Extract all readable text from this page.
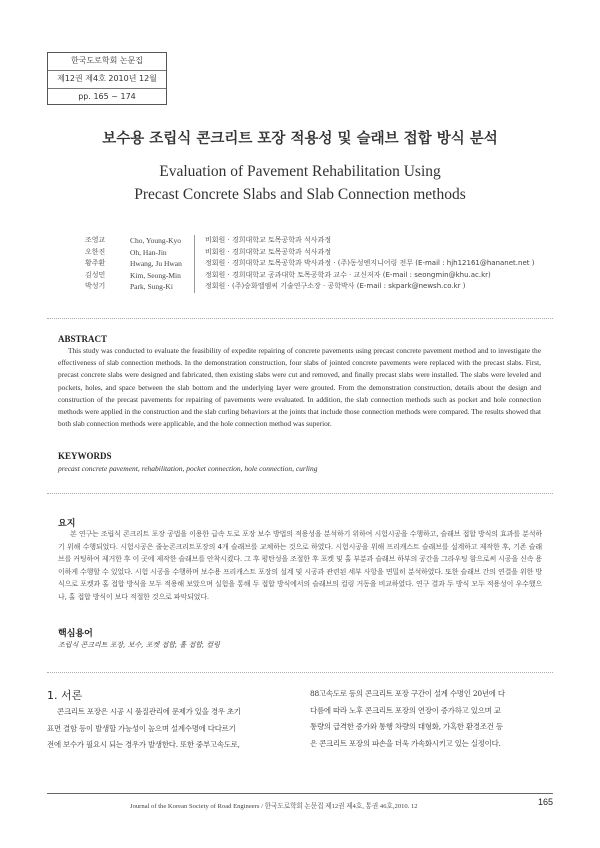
한국도로학회 논문집
제12권 제4호 2010년 12월
pp. 165 ~ 174
보수용 조립식 콘크리트 포장 적용성 및 슬래브 접합 방식 분석
Evaluation of Pavement Rehabilitation Using
Precast Concrete Slabs and Slab Connection methods
조영교	Cho, Young-Kyo	비회원 · 경희대학교 토목공학과 석사과정
오한진	Oh, Han-Jin	비회원 · 경희대학교 토목공학과 석사과정
황주환	Hwang, Ju Hwan	정회원 · 경희대학교 토목공학과 박사과정 · (주)동성엔지니어링 전무 (E-mail : hjh12161@hananet.net )
김성민	Kim, Seong-Min	정회원 · 경희대학교 공과대학 토목공학과 교수 · 교신저자 (E-mail : seongmin@khu.ac.kr)
박성기	Park, Sung-Ki	정회원 · (주)승화엘엠씨 기술연구소장 · 공학박사 (E-mail : skpark@newsh.co.kr )
ABSTRACT
This study was conducted to evaluate the feasibility of expedite repairing of concrete pavements using precast concrete pavement method and to investigate the effectiveness of slab connection methods. In the demonstration construction, four slabs of jointed concrete pavements were replaced with the precast slabs. First, precast concrete slabs were designed and fabricated, then existing slabs were cut and removed, and finally precast slabs were installed. The slabs were leveled and pockets, holes, and space between the slab bottom and the underlying layer were grouted. From the demonstration construction, details about the design and construction of the precast pavements for repairing of pavements were evaluated. In addition, the slab connection methods such as pocket and hole connection methods were applied in the construction and the slab curling behaviors at the joints that include those connection methods were compared. The results showed that both slab connection methods were applicable, and the hole connection method was superior.
KEYWORDS
precast concrete pavement, rehabilitation, pocket connection, hole connection, curling
요지
본 연구는 조립식 콘크리트 포장 공법을 이용한 급속 도로 포장 보수 방법의 적용성을 분석하기 위하여 시험시공을 수행하고, 슬래브 접합 방식의 효과를 분석하기 위해 수행되었다. 시험시공은 줄눈콘크리트포장의 4개 슬래브를 교체하는 것으로 하였다. 시험시공을 위해 프리캐스트 슬래브를 설계하고 제작한 후, 기존 슬래브를 커팅하여 제거한 후 이 곳에 제작한 슬래브를 안착시켰다. 그 후 평탄성을 조절한 후 포켓 및 홀 부분과 슬래브 하부의 공간을 그라우팅 함으로써 시공을 신속 용이하게 수행할 수 있었다. 시험 시공을 수행하며 보수용 프리캐스트 포장의 설계 및 시공과 관련된 세부 사항을 면밀히 분석하였다. 또한 슬래브 간의 연결을 위한 방식으로 포켓과 홀 접합 방식을 모두 적용해 보았으며 실험을 통해 두 접합 방식에서의 슬래브의 컬링 거동을 비교하였다. 연구 결과 두 방식 모두 적용성이 우수했으나, 홀 접합 방식이 보다 적절한 것으로 파악되었다.
핵심용어
조립식 콘크리트 포장, 보수, 포켓 접합, 홀 접합, 컬링
1. 서론
콘크리트 포장은 시공 시 품질관리에 문제가 있을 경우 초기
표면 결함 등이 발생할 가능성이 높으며 설계수명에 다다르기
전에 보수가 필요시 되는 경우가 발생한다. 또한 중부고속도로,
88고속도로 등의 콘크리트 포장 구간이 설계 수명인 20년에 다
다름에 따라 노후 콘크리트 포장의 연장이 증가하고 있으며 교
통량의 급격한 증가와 통행 차량의 대형화, 가혹한 환경조건 등
은 콘크리트 포장의 파손을 더욱 가속화시키고 있는 실정이다.
Journal of the Korean Society of Road Engineers / 한국도로학회 논문집 제12권 제4호, 통권 46호,2010. 12	165
